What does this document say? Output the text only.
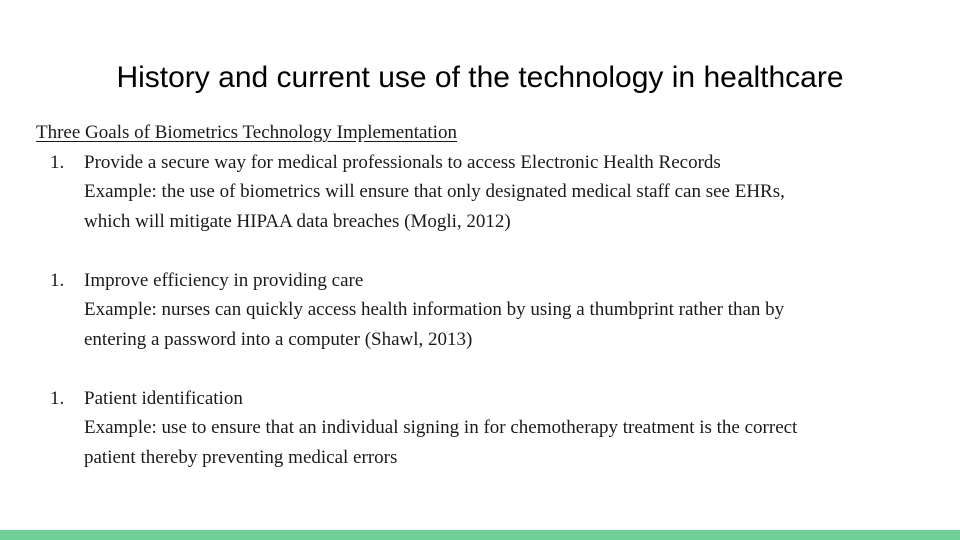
History and current use of the technology in healthcare
Three Goals of Biometrics Technology Implementation
1.	Provide a secure way for medical professionals to access Electronic Health Records
Example: the use of biometrics will ensure that only designated medical staff can see EHRs,
which will mitigate HIPAA data breaches (Mogli, 2012)
1.	Improve efficiency in providing care
Example: nurses can quickly access health information by using a thumbprint rather than by
entering a password into a computer (Shawl, 2013)
1.	Patient identification
Example: use to ensure that an individual signing in for chemotherapy treatment is the correct
patient thereby preventing medical errors
